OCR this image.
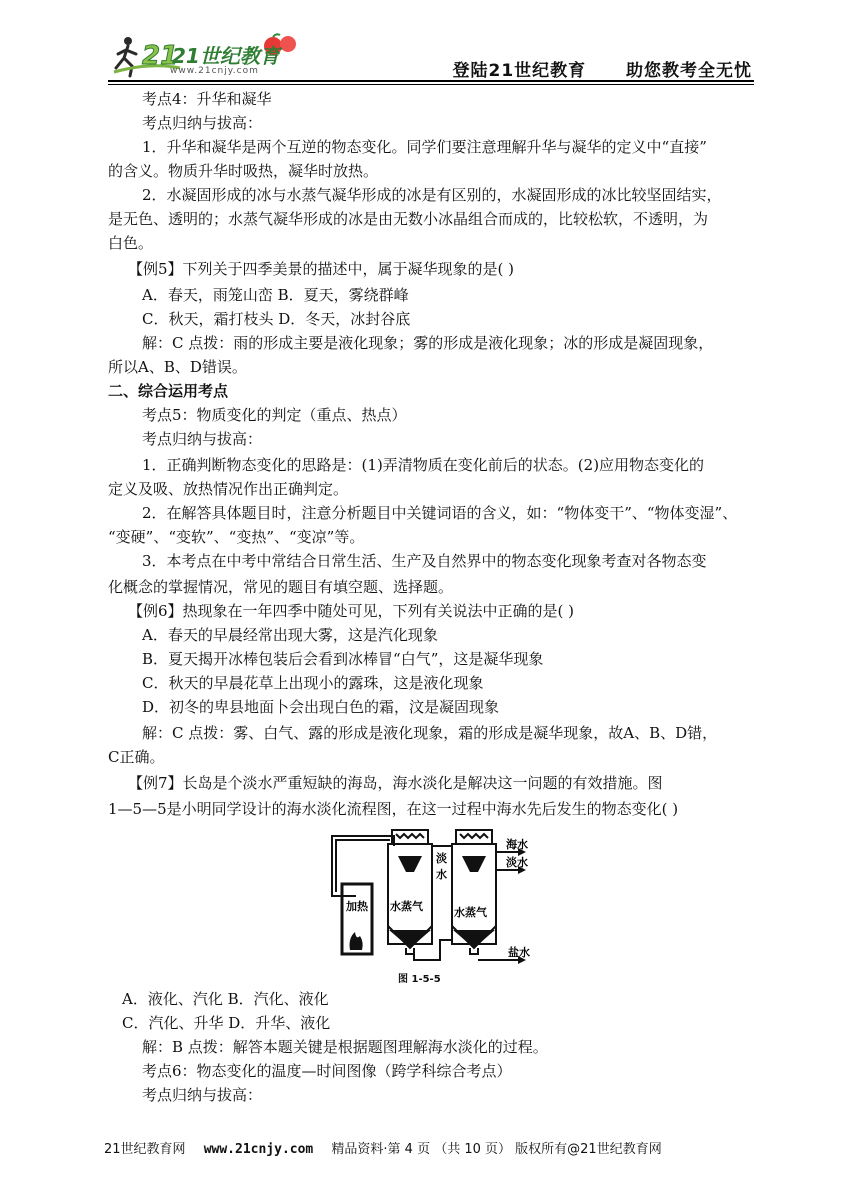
21
21世纪教育
www.21cnjy.com	登陆21世纪教育 助您教考全无忧
考点4：升华和凝华
考点归纳与拔高：
1．升华和凝华是两个互逆的物态变化。同学们要注意理解升华与凝华的定义中“直接”
的含义。物质升华时吸热，凝华时放热。
2．水凝固形成的冰与水蒸气凝华形成的冰是有区别的，水凝固形成的冰比较坚固结实，
是无色、透明的；水蒸气凝华形成的冰是由无数小冰晶组合而成的，比较松软，不透明，为
白色。
【例5】下列关于四季美景的描述中，属于凝华现象的是( )
A．春天，雨笼山峦 B．夏天，雾绕群峰
C．秋天，霜打枝头 D．冬天，冰封谷底
解：C 点拨：雨的形成主要是液化现象；雾的形成是液化现象；冰的形成是凝固现象，
所以A、B、D错误。
二、综合运用考点
考点5：物质变化的判定（重点、热点）
考点归纳与拔高：
1．正确判断物态变化的思路是：(1)弄清物质在变化前后的状态。(2)应用物态变化的
定义及吸、放热情况作出正确判定。
2．在解答具体题目时，注意分析题目中关键词语的含义，如：“物体变干”、“物体变湿”、
“变硬”、“变软”、“变热”、“变凉”等。
3．本考点在中考中常结合日常生活、生产及自然界中的物态变化现象考查对各物态变
化概念的掌握情况，常见的题目有填空题、选择题。
【例6】热现象在一年四季中随处可见，下列有关说法中正确的是( )
A．春天的早晨经常出现大雾，这是汽化现象
B．夏天揭开冰棒包装后会看到冰棒冒“白气”，这是凝华现象
C．秋天的早晨花草上出现小的露珠，这是液化现象
D．初冬的卑县地面卜会出现白色的霜，汶是凝固现象
解：C 点拨：雾、白气、露的形成是液化现象，霜的形成是凝华现象，故A、B、D错，
C正确。
【例7】长岛是个淡水严重短缺的海岛，海水淡化是解决这一问题的有效措施。图
1—5—5是小明同学设计的海水淡化流程图，在这一过程中海水先后发生的物态变化( )
加热
淡
水
海水
淡水
水蒸气	水蒸气
盐水
图 1-5-5
A．液化、汽化 B．汽化、液化
C．汽化、升华 D．升华、液化
解：B 点拨：解答本题关键是根据题图理解海水淡化的过程。
考点6：物态变化的温度—时间图像（跨学科综合考点）
考点归纳与拔高：
21世纪教育网 www.21cnjy.com 精品资料·第 4 页 （共 10 页） 版权所有@21世纪教育网
